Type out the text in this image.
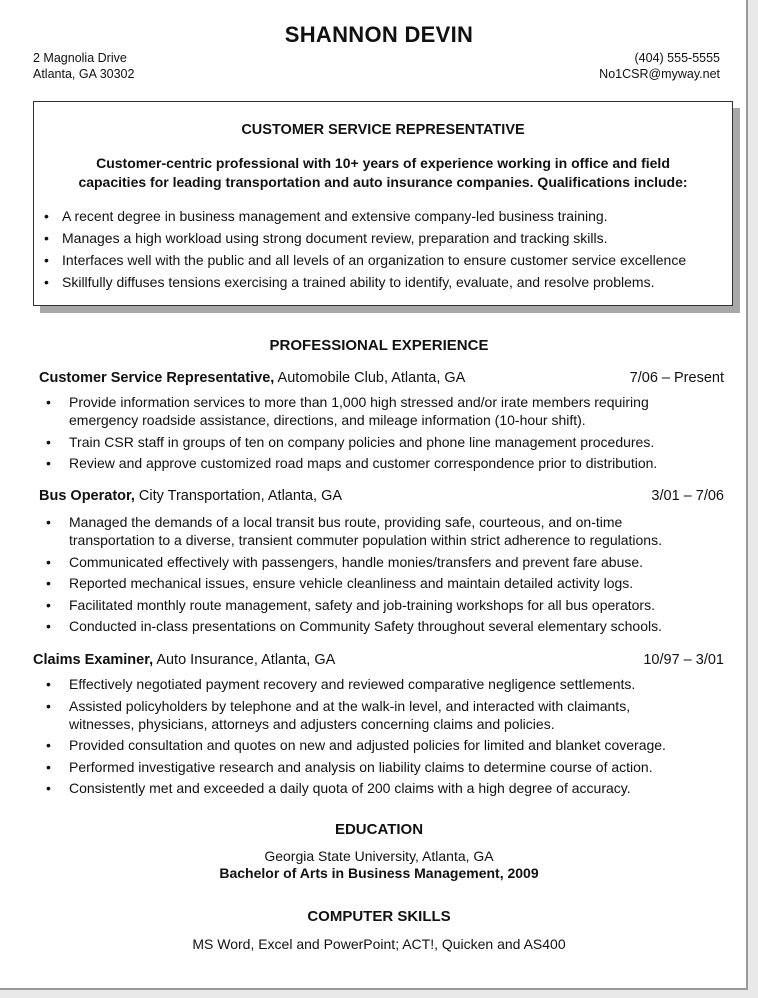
SHANNON DEVIN
2 Magnolia Drive
Atlanta, GA 30302
(404) 555-5555
No1CSR@myway.net
CUSTOMER SERVICE REPRESENTATIVE
Customer-centric professional with 10+ years of experience working in office and field
capacities for leading transportation and auto insurance companies. Qualifications include:
• A recent degree in business management and extensive company-led business training.
• Manages a high workload using strong document review, preparation and tracking skills.
• Interfaces well with the public and all levels of an organization to ensure customer service excellence
• Skillfully diffuses tensions exercising a trained ability to identify, evaluate, and resolve problems.
PROFESSIONAL EXPERIENCE
Customer Service Representative, Automobile Club, Atlanta, GA	7/06 – Present
• Provide information services to more than 1,000 high stressed and/or irate members requiring
emergency roadside assistance, directions, and mileage information (10-hour shift).
• Train CSR staff in groups of ten on company policies and phone line management procedures.
• Review and approve customized road maps and customer correspondence prior to distribution.
Bus Operator, City Transportation, Atlanta, GA	3/01 – 7/06
• Managed the demands of a local transit bus route, providing safe, courteous, and on-time
transportation to a diverse, transient commuter population within strict adherence to regulations.
• Communicated effectively with passengers, handle monies/transfers and prevent fare abuse.
• Reported mechanical issues, ensure vehicle cleanliness and maintain detailed activity logs.
• Facilitated monthly route management, safety and job-training workshops for all bus operators.
• Conducted in-class presentations on Community Safety throughout several elementary schools.
Claims Examiner, Auto Insurance, Atlanta, GA	10/97 – 3/01
• Effectively negotiated payment recovery and reviewed comparative negligence settlements.
• Assisted policyholders by telephone and at the walk-in level, and interacted with claimants,
witnesses, physicians, attorneys and adjusters concerning claims and policies.
• Provided consultation and quotes on new and adjusted policies for limited and blanket coverage.
• Performed investigative research and analysis on liability claims to determine course of action.
• Consistently met and exceeded a daily quota of 200 claims with a high degree of accuracy.
EDUCATION
Georgia State University, Atlanta, GA
Bachelor of Arts in Business Management, 2009
COMPUTER SKILLS
MS Word, Excel and PowerPoint; ACT!, Quicken and AS400
